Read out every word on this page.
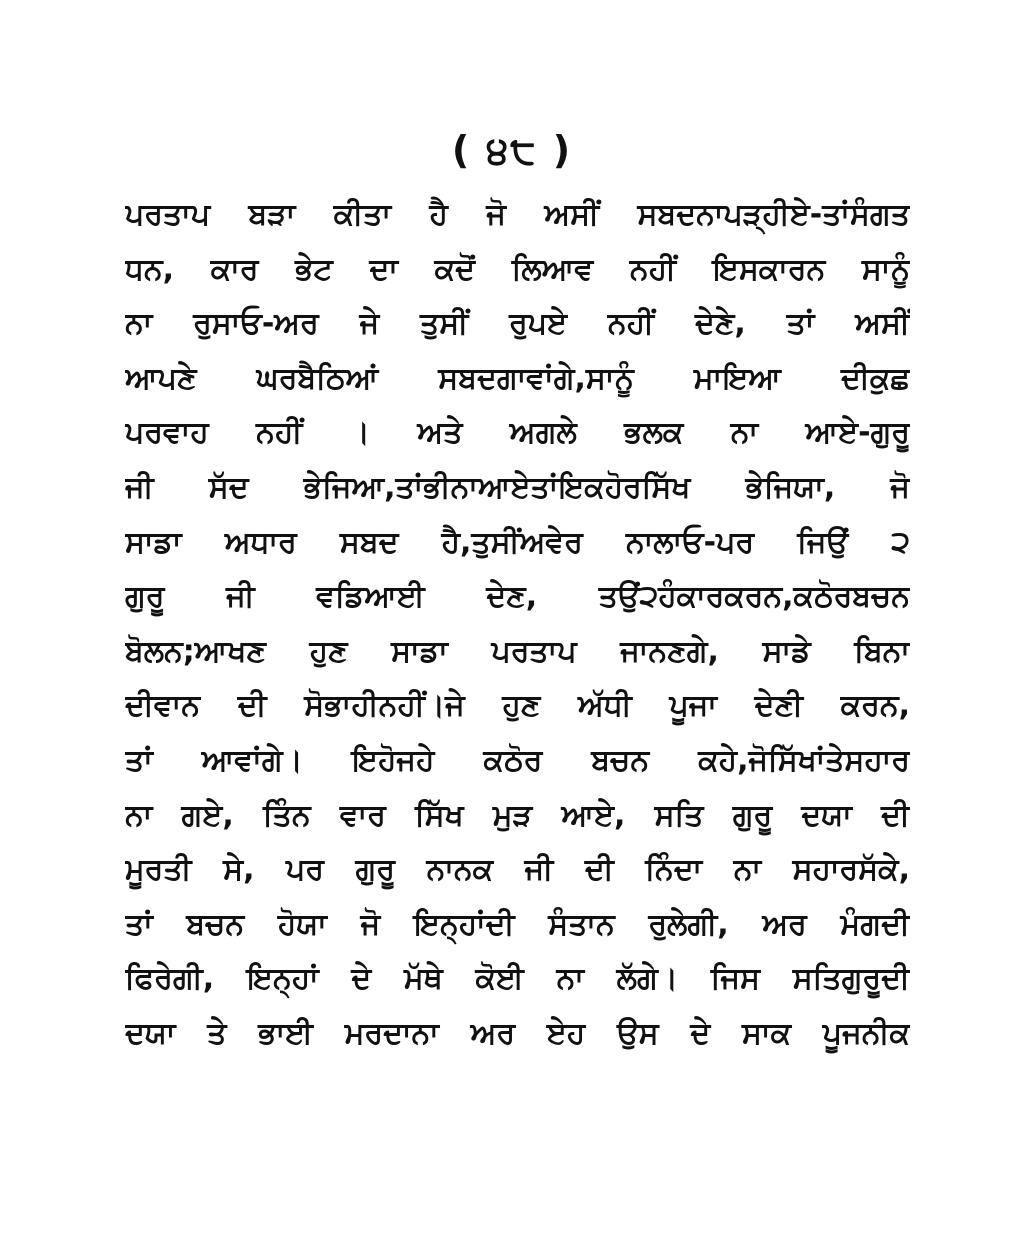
( ੪੮ )
ਪਰਤਾਪ ਬੜਾ ਕੀਤਾ ਹੈ ਜੋ ਅਸੀਂ ਸਬਦਨਾਪੜ੍ਹੀਏ-ਤਾਂਸੰਗਤ
ਧਨ, ਕਾਰ ਭੇਟ ਦਾ ਕਦੋਂ ਲਿਆਵ ਨਹੀਂ ਇਸਕਾਰਨ ਸਾਨੂੰ
ਨਾ ਰੁਸਾਓ-ਅਰ ਜੇ ਤੁਸੀਂ ਰੁਪਏ ਨਹੀਂ ਦੇਣੇ, ਤਾਂ ਅਸੀਂ
ਆਪਣੇ ਘਰਬੈਠਿਆਂ ਸਬਦਗਾਵਾਂਗੇ,ਸਾਨੂੰ ਮਾਇਆ ਦੀਕੁਛ
ਪਰਵਾਹ ਨਹੀਂ । ਅਤੇ ਅਗਲੇ ਭਲਕ ਨਾ ਆਏ-ਗੁਰੂ
ਜੀ ਸੱਦ ਭੇਜਿਆ,ਤਾਂਭੀਨਾਆਏਤਾਂਇਕਹੋਰਸਿੱਖ ਭੇਜਿਯਾ, ਜੋ
ਸਾਡਾ ਅਧਾਰ ਸਬਦ ਹੈ,ਤੁਸੀਂਅਵੇਰ ਨਾਲਾਓ-ਪਰ ਜਿਉਂ ੨
ਗੁਰੂ ਜੀ ਵਡਿਆਈ ਦੇਣ, ਤਉਂ੨ਹੰਕਾਰਕਰਨ,ਕਠੋਰਬਚਨ
ਬੋਲਨ;ਆਖਣ ਹੁਣ ਸਾਡਾ ਪਰਤਾਪ ਜਾਨਣਗੇ, ਸਾਡੇ ਬਿਨਾ
ਦੀਵਾਨ ਦੀ ਸੋਭਾਹੀਨਹੀਂ।ਜੇ ਹੁਣ ਅੱਧੀ ਪੂਜਾ ਦੇਣੀ ਕਰਨ,
ਤਾਂ ਆਵਾਂਗੇ। ਇਹੋਜਹੇ ਕਠੋਰ ਬਚਨ ਕਹੇ,ਜੋਸਿੱਖਾਂਤੇਸਹਾਰ
ਨਾ ਗਏ, ਤਿੰਨ ਵਾਰ ਸਿੱਖ ਮੁੜ ਆਏ, ਸਤਿ ਗੁਰੂ ਦਯਾ ਦੀ
ਮੂਰਤੀ ਸੇ, ਪਰ ਗੁਰੂ ਨਾਨਕ ਜੀ ਦੀ ਨਿੰਦਾ ਨਾ ਸਹਾਰਸੱਕੇ,
ਤਾਂ ਬਚਨ ਹੋਯਾ ਜੋ ਇਨ੍ਹਾਂਦੀ ਸੰਤਾਨ ਰੁਲੇਗੀ, ਅਰ ਮੰਗਦੀ
ਫਿਰੇਗੀ, ਇਨ੍ਹਾਂ ਦੇ ਮੱਥੇ ਕੋਈ ਨਾ ਲੱਗੇ। ਜਿਸ ਸਤਿਗੁਰੂਦੀ
ਦਯਾ ਤੇ ਭਾਈ ਮਰਦਾਨਾ ਅਰ ਏਹ ਉਸ ਦੇ ਸਾਕ ਪੂਜਨੀਕ
